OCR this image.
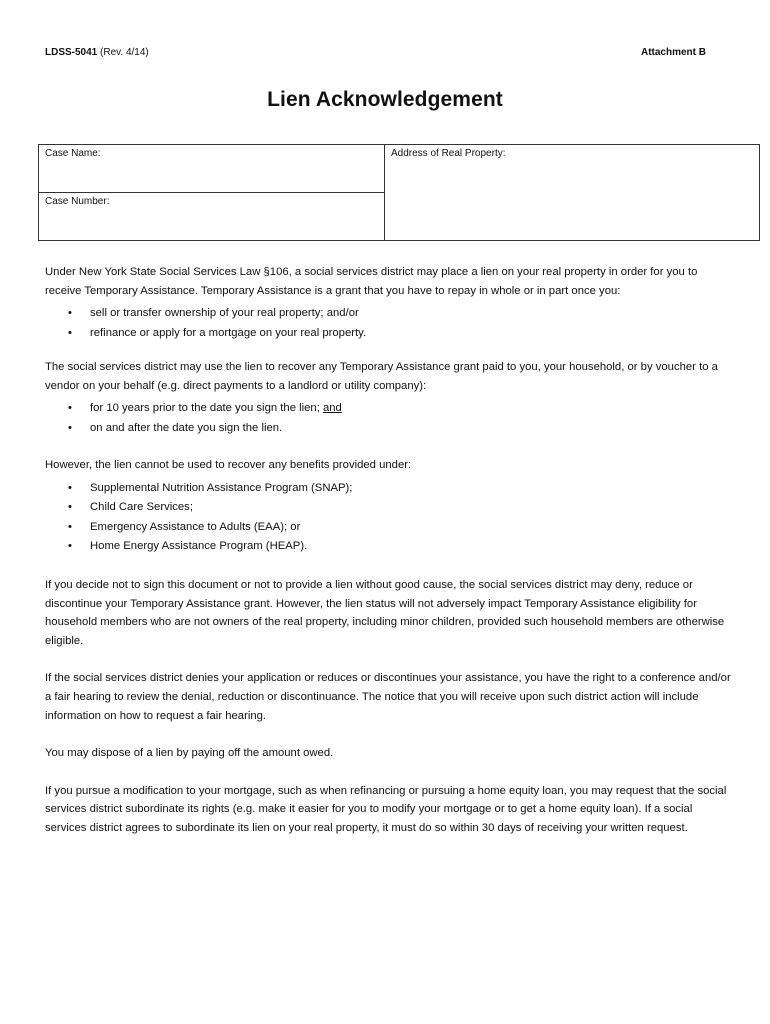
LDSS-5041 (Rev. 4/14)	Attachment B
Lien Acknowledgement
Case Name:
Case Number:
Address of Real Property:

Under New York State Social Services Law §106, a social services district may place a lien on your real property in order for you to receive Temporary Assistance. Temporary Assistance is a grant that you have to repay in whole or in part once you:

• sell or transfer ownership of your real property; and/or
• refinance or apply for a mortgage on your real property.

The social services district may use the lien to recover any Temporary Assistance grant paid to you, your household, or by voucher to a vendor on your behalf (e.g. direct payments to a landlord or utility company):

• for 10 years prior to the date you sign the lien; and
• on and after the date you sign the lien.

However, the lien cannot be used to recover any benefits provided under:

• Supplemental Nutrition Assistance Program (SNAP);
• Child Care Services;
• Emergency Assistance to Adults (EAA); or
• Home Energy Assistance Program (HEAP).

If you decide not to sign this document or not to provide a lien without good cause, the social services district may deny, reduce or discontinue your Temporary Assistance grant. However, the lien status will not adversely impact Temporary Assistance eligibility for household members who are not owners of the real property, including minor children, provided such household members are otherwise eligible.

If the social services district denies your application or reduces or discontinues your assistance, you have the right to a conference and/or a fair hearing to review the denial, reduction or discontinuance. The notice that you will receive upon such district action will include information on how to request a fair hearing.

You may dispose of a lien by paying off the amount owed.

If you pursue a modification to your mortgage, such as when refinancing or pursuing a home equity loan, you may request that the social services district subordinate its rights (e.g. make it easier for you to modify your mortgage or to get a home equity loan). If a social services district agrees to subordinate its lien on your real property, it must do so within 30 days of receiving your written request.
